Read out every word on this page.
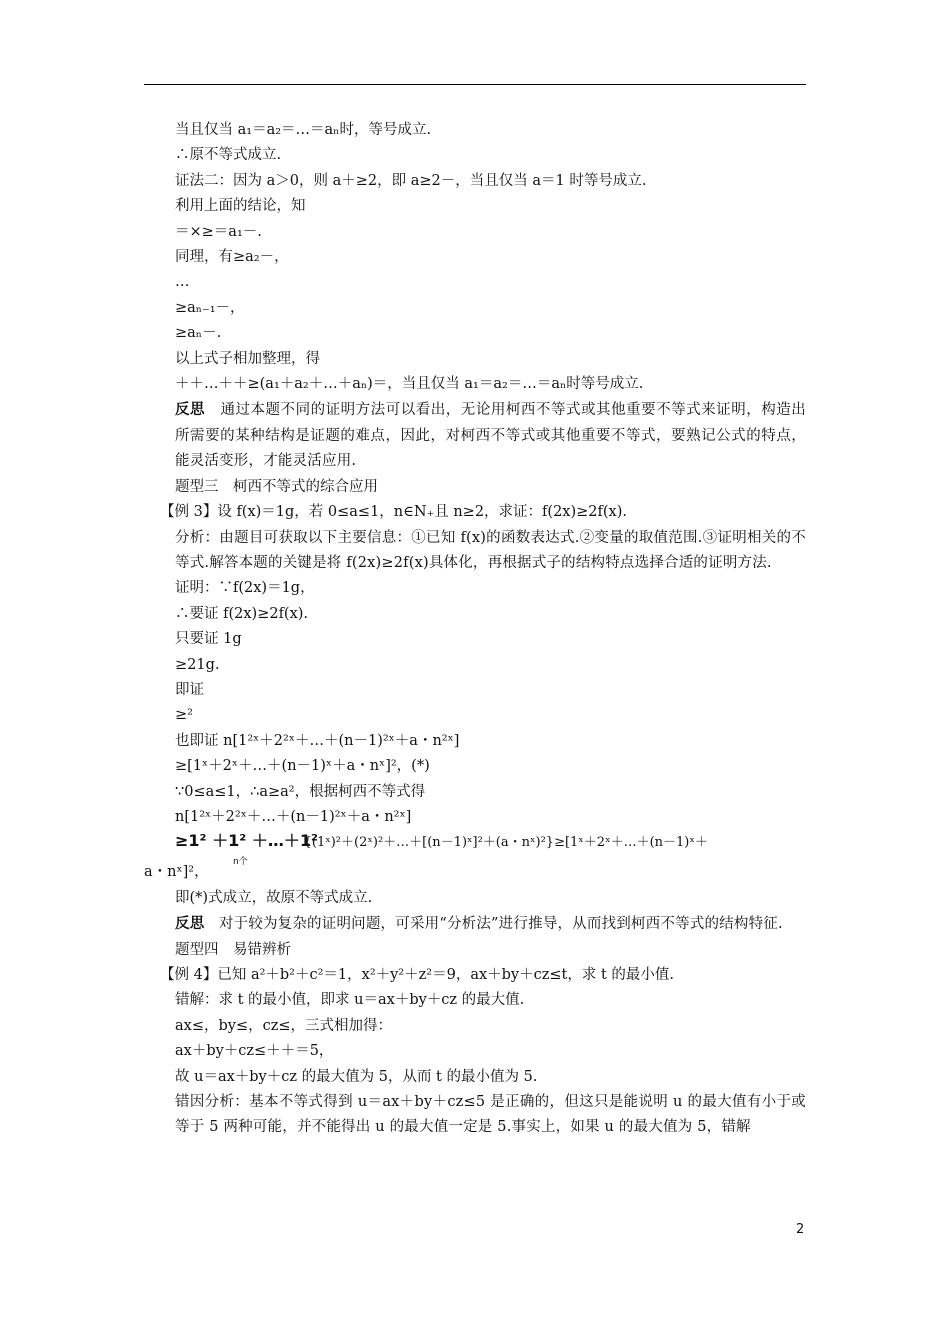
当且仅当 a₁＝a₂＝…＝aₙ时，等号成立.
∴原不等式成立.
证法二：因为 a＞0，则 a＋≥2，即 a≥2－，当且仅当 a＝1 时等号成立.
利用上面的结论，知
＝×≥＝a₁－.
同理，有≥a₂－，
…
≥aₙ₋₁－，
≥aₙ－.
以上式子相加整理，得
＋＋…＋＋≥(a₁＋a₂＋…＋aₙ)＝，当且仅当 a₁＝a₂＝…＝aₙ时等号成立.
反思 通过本题不同的证明方法可以看出，无论用柯西不等式或其他重要不等式来证明，构造出所需要的某种结构是证题的难点，因此，对柯西不等式或其他重要不等式，要熟记公式的特点，能灵活变形，才能灵活应用.
题型三　柯西不等式的综合应用
【例 3】设 f(x)＝1g，若 0≤a≤1，n∈N₊且 n≥2，求证：f(2x)≥2f(x).
分析：由题目可获取以下主要信息：①已知 f(x)的函数表达式.②变量的取值范围.③证明相关的不等式.解答本题的关键是将 f(2x)≥2f(x)具体化，再根据式子的结构特点选择合适的证明方法.
证明：∵f(2x)＝1g，
∴要证 f(2x)≥2f(x).
只要证 1g
≥21g.
即证
≥²
也即证 n[1²ˣ＋2²ˣ＋…＋(n－1)²ˣ＋a・n²ˣ]
≥[1ˣ＋2ˣ＋…＋(n－1)ˣ＋a・nˣ]²，(*)
∵0≤a≤1，∴a≥a²，根据柯西不等式得
n[1²ˣ＋2²ˣ＋…＋(n－1)²ˣ＋a・n²ˣ]
≥1² ＋1² ＋…＋1²
n个
{(1ˣ)²＋(2ˣ)²＋…＋[(n－1)ˣ]²＋(a・nˣ)²}≥[1ˣ＋2ˣ＋…＋(n－1)ˣ＋
a・nˣ]²，
即(*)式成立，故原不等式成立.
反思 对于较为复杂的证明问题，可采用“分析法”进行推导，从而找到柯西不等式的结构特征.
题型四　易错辨析
【例 4】已知 a²＋b²＋c²＝1，x²＋y²＋z²＝9，ax＋by＋cz≤t，求 t 的最小值.
错解：求 t 的最小值，即求 u＝ax＋by＋cz 的最大值.
ax≤，by≤，cz≤，三式相加得：
ax＋by＋cz≤＋＋＝5，
故 u＝ax＋by＋cz 的最大值为 5，从而 t 的最小值为 5.
错因分析：基本不等式得到 u＝ax＋by＋cz≤5 是正确的，但这只是能说明 u 的最大值有小于或等于 5 两种可能，并不能得出 u 的最大值一定是 5.事实上，如果 u 的最大值为 5，错解
2
